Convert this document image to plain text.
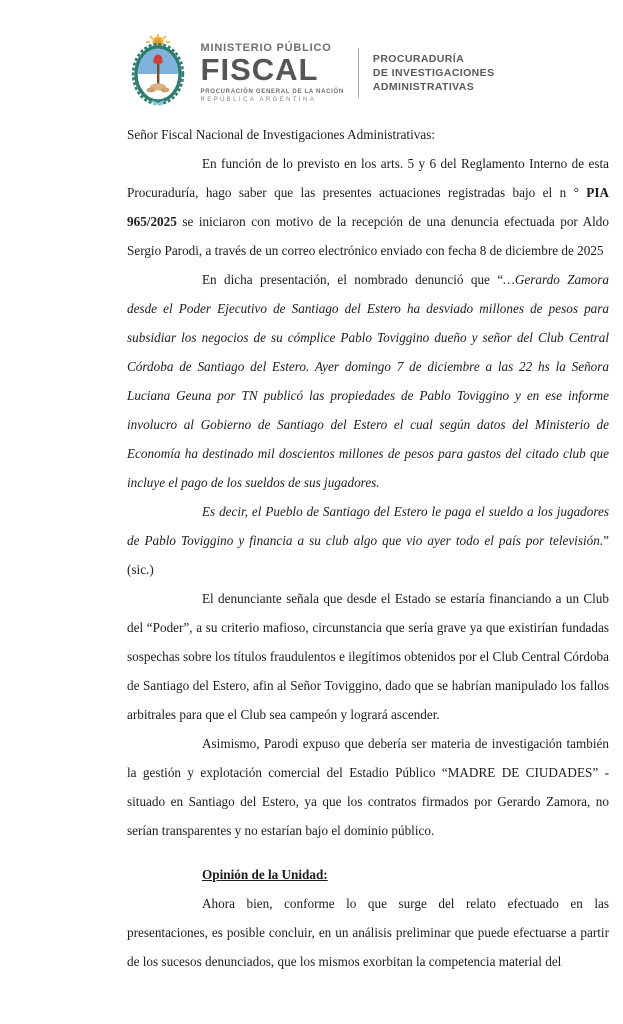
MINISTERIO PÚBLICO
FISCAL
PROCURACIÓN GENERAL DE LA NACIÓN
REPÚBLICA ARGENTINA
PROCURADURÍA
DE INVESTIGACIONES
ADMINISTRATIVAS

Señor Fiscal Nacional de Investigaciones Administrativas:

En función de lo previsto en los arts. 5 y 6 del Reglamento Interno de esta Procuraduría, hago saber que las presentes actuaciones registradas bajo el n ° PIA 965/2025 se iniciaron con motivo de la recepción de una denuncia efectuada por Aldo Sergio Parodi, a través de un correo electrónico enviado con fecha 8 de diciembre de 2025

En dicha presentación, el nombrado denunció que “…Gerardo Zamora desde el Poder Ejecutivo de Santiago del Estero ha desviado millones de pesos para subsidiar los negocios de su cómplice Pablo Toviggino dueño y señor del Club Central Córdoba de Santiago del Estero. Ayer domingo 7 de diciembre a las 22 hs la Señora Luciana Geuna por TN publicó las propiedades de Pablo Toviggino y en ese informe involucro al Gobierno de Santiago del Estero el cual según datos del Ministerio de Economía ha destinado mil doscientos millones de pesos para gastos del citado club que incluye el pago de los sueldos de sus jugadores.

Es decir, el Pueblo de Santiago del Estero le paga el sueldo a los jugadores de Pablo Toviggino y financia a su club algo que vio ayer todo el país por televisión.” (sic.)

El denunciante señala que desde el Estado se estaría financiando a un Club del “Poder”, a su criterio mafioso, circunstancia que sería grave ya que existirían fundadas sospechas sobre los títulos fraudulentos e ilegítimos obtenidos por el Club Central Córdoba de Santiago del Estero, afin al Señor Toviggino, dado que se habrían manipulado los fallos arbitrales para que el Club sea campeón y logrará ascender.

Asimismo, Parodi expuso que debería ser materia de investigación también la gestión y explotación comercial del Estadio Público “MADRE DE CIUDADES” -situado en Santiago del Estero, ya que los contratos firmados por Gerardo Zamora, no serían transparentes y no estarían bajo el dominio público.

Opinión de la Unidad:

Ahora bien, conforme lo que surge del relato efectuado en las presentaciones, es posible concluir, en un análisis preliminar que puede efectuarse a partir de los sucesos denunciados, que los mismos exorbitan la competencia material del
